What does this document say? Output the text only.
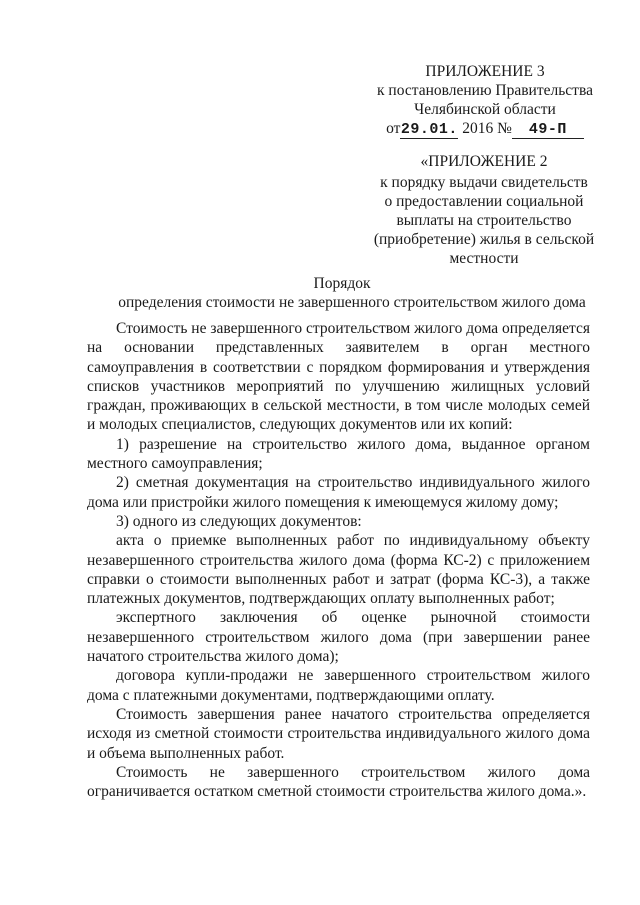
ПРИЛОЖЕНИЕ 3
к постановлению Правительства
Челябинской области
от29.01. 2016 № 49-П
«ПРИЛОЖЕНИЕ 2
к порядку выдачи свидетельств
о предоставлении социальной
выплаты на строительство
(приобретение) жилья в сельской
местности
Порядок
определения стоимости не завершенного строительством жилого дома

Стоимость не завершенного строительством жилого дома определяется на основании представленных заявителем в орган местного самоуправления в соответствии с порядком формирования и утверждения списков участников мероприятий по улучшению жилищных условий граждан, проживающих в сельской местности, в том числе молодых семей и молодых специалистов, следующих документов или их копий:

1) разрешение на строительство жилого дома, выданное органом местного самоуправления;

2) сметная документация на строительство индивидуального жилого дома или пристройки жилого помещения к имеющемуся жилому дому;

3) одного из следующих документов:

акта о приемке выполненных работ по индивидуальному объекту незавершенного строительства жилого дома (форма КС-2) с приложением справки о стоимости выполненных работ и затрат (форма КС-3), а также платежных документов, подтверждающих оплату выполненных работ;

экспертного заключения об оценке рыночной стоимости незавершенного строительством жилого дома (при завершении ранее начатого строительства жилого дома);

договора купли-продажи не завершенного строительством жилого дома с платежными документами, подтверждающими оплату.

Стоимость завершения ранее начатого строительства определяется исходя из сметной стоимости строительства индивидуального жилого дома и объема выполненных работ.

Стоимость не завершенного строительством жилого дома ограничивается остатком сметной стоимости строительства жилого дома.».
